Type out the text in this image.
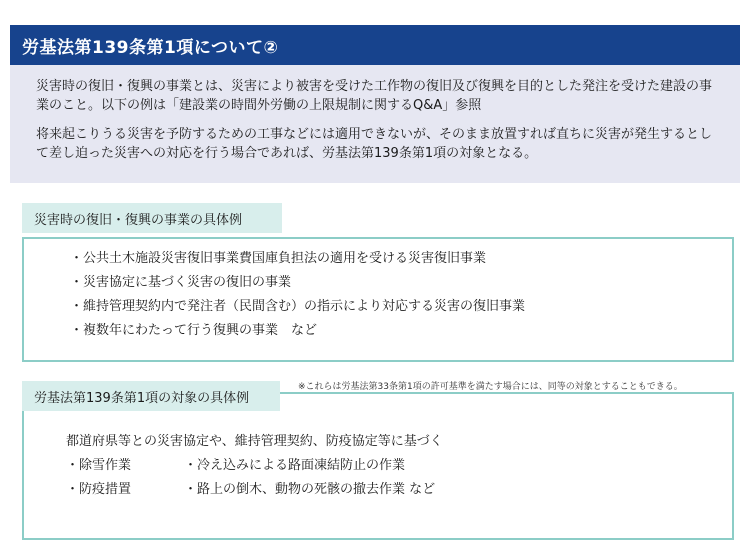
労基法第139条第1項について②

災害時の復旧・復興の事業とは、災害により被害を受けた工作物の復旧及び復興を目的とした発注を受けた建設の事業のこと。以下の例は「建設業の時間外労働の上限規制に関するQ&A」参照

将来起こりうる災害を予防するための工事などには適用できないが、そのまま放置すれば直ちに災害が発生するとして差し迫った災害への対応を行う場合であれば、労基法第139条第1項の対象となる。

災害時の復旧・復興の事業の具体例
・公共土木施設災害復旧事業費国庫負担法の適用を受ける災害復旧事業
・災害協定に基づく災害の復旧の事業
・維持管理契約内で発注者（民間含む）の指示により対応する災害の復旧事業
・複数年にわたって行う復興の事業　など
労基法第139条第1項の対象の具体例
※これらは労基法第33条第1項の許可基準を満たす場合には、同等の対象とすることもできる。
都道府県等との災害協定や、維持管理契約、防疫協定等に基づく
・除雪作業	・冷え込みによる路面凍結防止の作業
・防疫措置	・路上の倒木、動物の死骸の撤去作業 など
